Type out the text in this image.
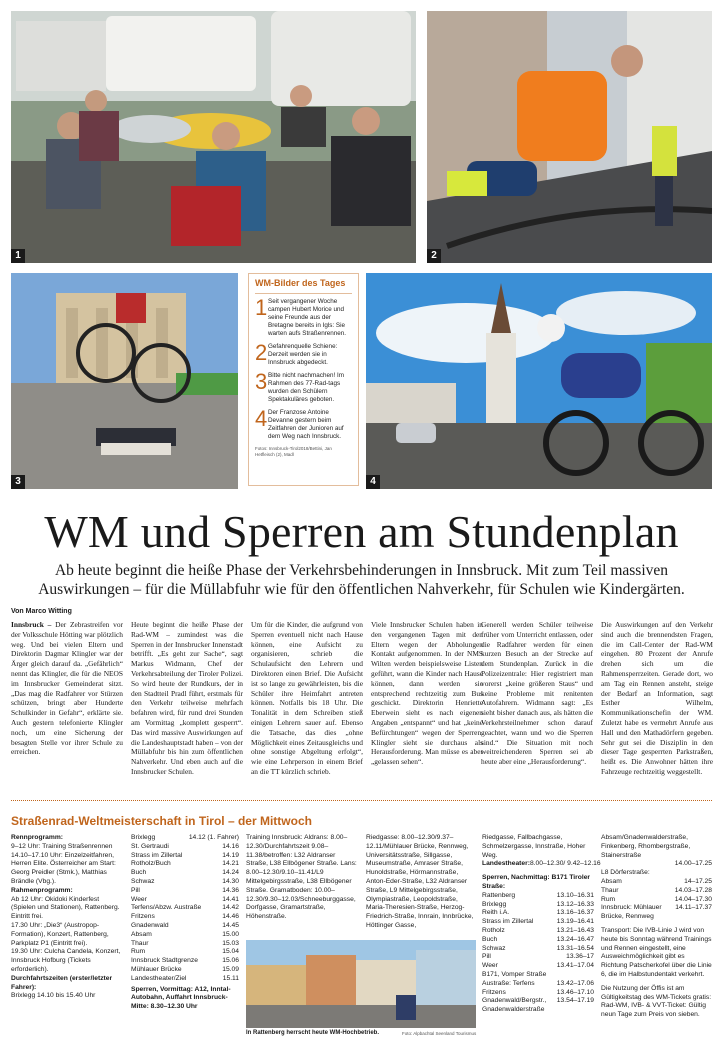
1	2
3
WM-Bilder des Tages
1 Seit vergangener Woche campen Hubert Morice und seine Freunde aus der Bretagne bereits in Igls: Sie warten aufs Straßenrennen.
2 Gefahrenquelle Schiene: Derzeit werden sie in Innsbruck abgedeckt.
3 Bitte nicht nachmachen! Im Rahmen des 77-Rad-tags wurden den Schülern Spektakuläres geboten.
4 Der Franzose Antoine Devanne gestern beim Zeitfahren der Junioren auf dem Weg nach Innsbruck.
Fotos: Innsbruck-Tirol2018/Bettini, Jan Hetfleisch (2), Madl
4
WM und Sperren am Stundenplan
Ab heute beginnt die heiße Phase der Verkehrsbehinderungen in Innsbruck. Mit zum Teil massiven Auswirkungen – für die Müllabfuhr wie für den öffentlichen Nahverkehr, für Schulen wie Kindergärten.
Von Marco Witting
Innsbruck – Der Zebrastreifen vor der Volksschule Hötting war plötzlich weg. Und bei vielen Eltern und Direktorin Dagmar Klingler war der Ärger gleich darauf da. „Gefährlich“ nennt das Klingler, die für die NEOS im Innsbrucker Gemeinderat sitzt. „Das mag die Radfahrer vor Stürzen schützen, bringt aber Hunderte Schulkinder in Gefahr“, erklärte sie. Auch gestern telefonierte Klingler noch, um eine Sicherung der besagten Stelle vor ihrer Schule zu erreichen.
Heute beginnt die heiße Phase der Rad-WM – zumindest was die Sperren in der Innsbrucker Innenstadt betrifft. „Es geht zur Sache“, sagt Markus Widmann, Chef der Verkehrsabteilung der Tiroler Polizei. So wird heute der Rundkurs, der in den Stadtteil Pradl führt, erstmals für den Verkehr teilweise mehrfach befahren wird, für rund drei Stunden am Vormittag „komplett gesperrt“. Das wird massive Auswirkungen auf die Landeshauptstadt haben – von der Müllabfuhr bis hin zum öffentlichen Nahverkehr. Und eben auch auf die Innsbrucker Schulen.
Um für die Kinder, die aufgrund von Sperren eventuell nicht nach Hause können, eine Aufsicht zu organisieren, schrieb die Schulaufsicht den Lehrern und Direktoren einen Brief. Die Aufsicht ist so lange zu gewährleisten, bis die Schüler ihre Heimfahrt antreten können. Notfalls bis 18 Uhr. Die Tonalität in dem Schreiben stieß einigen Lehrern sauer auf. Ebenso die Tatsache, das dies „ohne Möglichkeit eines Zeitausgleichs und ohne sonstige Abgeltung erfolgt“, wie eine Lehrperson in einem Brief an die TT kürzlich schrieb.
Viele Innsbrucker Schulen haben in den vergangenen Tagen mit den Eltern wegen der Abholungen Kontakt aufgenommen. In der NMS Wilten werden beispielsweise Listen geführt, wann die Kinder nach Hause können, dann werden sie entsprechend rechtzeitig zum Bus geschickt. Direktorin Henriette Eberwein sieht es nach eigenen Angaben „entspannt“ und hat „keine Befürchtungen“ wegen der Sperren. Klingler sieht sie durchaus als Herausforderung. Man müsse es aber „gelassen sehen“.
Generell werden Schüler teilweise früher vom Unterricht entlassen, oder die Radfahrer werden für einen kurzen Besuch an der Strecke auf dem Stundenplan. Zurück in die Polizeizentrale: Hier registriert man vorerst „keine größeren Staus“ und keine Probleme mit renitenten Autofahrern. Widmann sagt: „Es sieht bisher danach aus, als hätten die Verkehrsteilnehmer schon darauf geachtet, wann und wo die Sperren sind.“ Die Situation mit noch weitreichenderen Sperren sei ab heute aber eine „Herausforderung“.
Die Auswirkungen auf den Verkehr sind auch die brennendsten Fragen, die im Call-Center der Rad-WM eingehen. 80 Prozent der Anrufe drehen sich um die Rahmensperrzeiten. Gerade dort, wo am Tag ein Rennen ansteht, steige der Bedarf an Information, sagt Esther Wilhelm, Kommunikationschefin der WM. Zuletzt habe es vermehrt Anrufe aus Hall und den Mathadörfern gegeben. Sehr gut sei die Disziplin in den dieser Tage gesperrten Parkstraßen, heißt es. Die Anwohner hätten ihre Fahrzeuge rechtzeitig weggestellt.
Straßenrad-Weltmeisterschaft in Tirol – der Mittwoch
Rennprogramm:
9–12 Uhr: Training Straßenrennen
14.10–17.10 Uhr: Einzelzeitfahren, Herren Elite. Österreicher am Start: Georg Preidler (Stmk.), Matthias Brändle (Vbg.).
Rahmenprogramm:
Ab 12 Uhr: Okidoki Kinderfest (Spielen und Stationen), Rattenberg. Eintritt frei.
17.30 Uhr: „Die3“ (Austropop-Formation), Konzert, Rattenberg, Parkplatz P1 (Eintritt frei).
19.30 Uhr: Culcha Candela, Konzert, Innsbruck Hofburg (Tickets erforderlich).
Durchfahrtszeiten (erster/letzter Fahrer):
Brixlegg 14.10 bis 15.40 Uhr
Brixlegg	14.12 (1. Fahrer)
St. Gertraudi	14.16
Strass im Zillertal	14.19
Rotholz/Buch	14.21
Buch	14.24
Schwaz	14.30
Pill	14.36
Weer	14.41
Terfens/Abzw. Austraße	14.42
Fritzens	14.46
Gnadenwald	14.45
Absam	15.00
Thaur	15.03
Rum	15.04
Innsbruck Stadtgrenze	15.06
Mühlauer Brücke	15.09
Landestheater/Ziel	15.11
Sperren, Vormittag: A12, Inntal-Autobahn, Auffahrt Innsbruck-Mitte: 8.30–12.30 Uhr
Training Innsbruck: Aldrans: 8.00–12.30/Durchfahrtszeit 9.08–11.38/betroffen: L32 Aldranser Straße, L38 Ellbögener Straße. Lans: 8.00–12.30/9.10–11.41/L9 Mittelgebirgsstraße, L38 Ellbögener Straße. Gramatboden: 10.00–12.30/9.30–12.03/Schneeburggasse, Dorfgasse, Gramartstraße, Höhenstraße.
Riedgasse: 8.00–12.30/9.37–12.11/Mühlauer Brücke, Rennweg, Universitätsstraße, Sillgasse, Museumstraße, Amraser Straße, Hunoldstraße, Hörmannstraße, Anton-Eder-Straße, L32 Aldranser Straße, L9 Mittelgebirgsstraße, Olympiastraße, Leopoldstraße, Maria-Theresien-Straße, Herzog-Friedrich-Straße, Innrain, Innbrücke, Höttinger Gasse,
In Rattenberg herrscht heute WM-Hochbetrieb.	Foto: Alpbachtal Seenland Tourismus
Riedgasse, Fallbachgasse, Schmelzergasse, Innstraße, Hoher Weg.
Landestheater: 8.00–12.30/ 9.42–12.16
Sperren, Nachmittag: B171 Tiroler Straße:
Rattenberg	13.10–16.31
Brixlegg	13.12–16.33
Reith i.A.	13.16–16.37
Strass im Zillertal	13.19–16.41
Rotholz	13.21–16.43
Buch	13.24–16.47
Schwaz	13.31–16.54
Pill	13.36–17
Weer	13.41–17.04
B171, Vomper Straße
Austraße: Terfens	13.42–17.06
Fritzens	13.46–17.10
Gnadenwald/Bergstr., Gnadenwalderstraße
13.54–17.19
Absam/Gnadenwalderstraße, Finkenberg, Rhombergstraße, Stainerstraße
14.00–17.25
L8 Dörferstraße:
Absam	14–17.25
Thaur	14.03–17.28
Rum	14.04–17.30
Innsbruck: Mühlauer Brücke, Rennweg
14.11–17.37
Transport: Die IVB-Linie J wird von heute bis Sonntag während Trainings und Rennen eingestellt, eine Ausweichmöglichkeit gibt es Richtung Patscherkofel über die Linie 6, die im Halbstundentakt verkehrt.
Die Nutzung der Öffis ist am Gültigkeitstag des WM-Tickets gratis: Rad-WM, IVB- & VVT-Ticket: Gültig neun Tage zum Preis von sieben.
